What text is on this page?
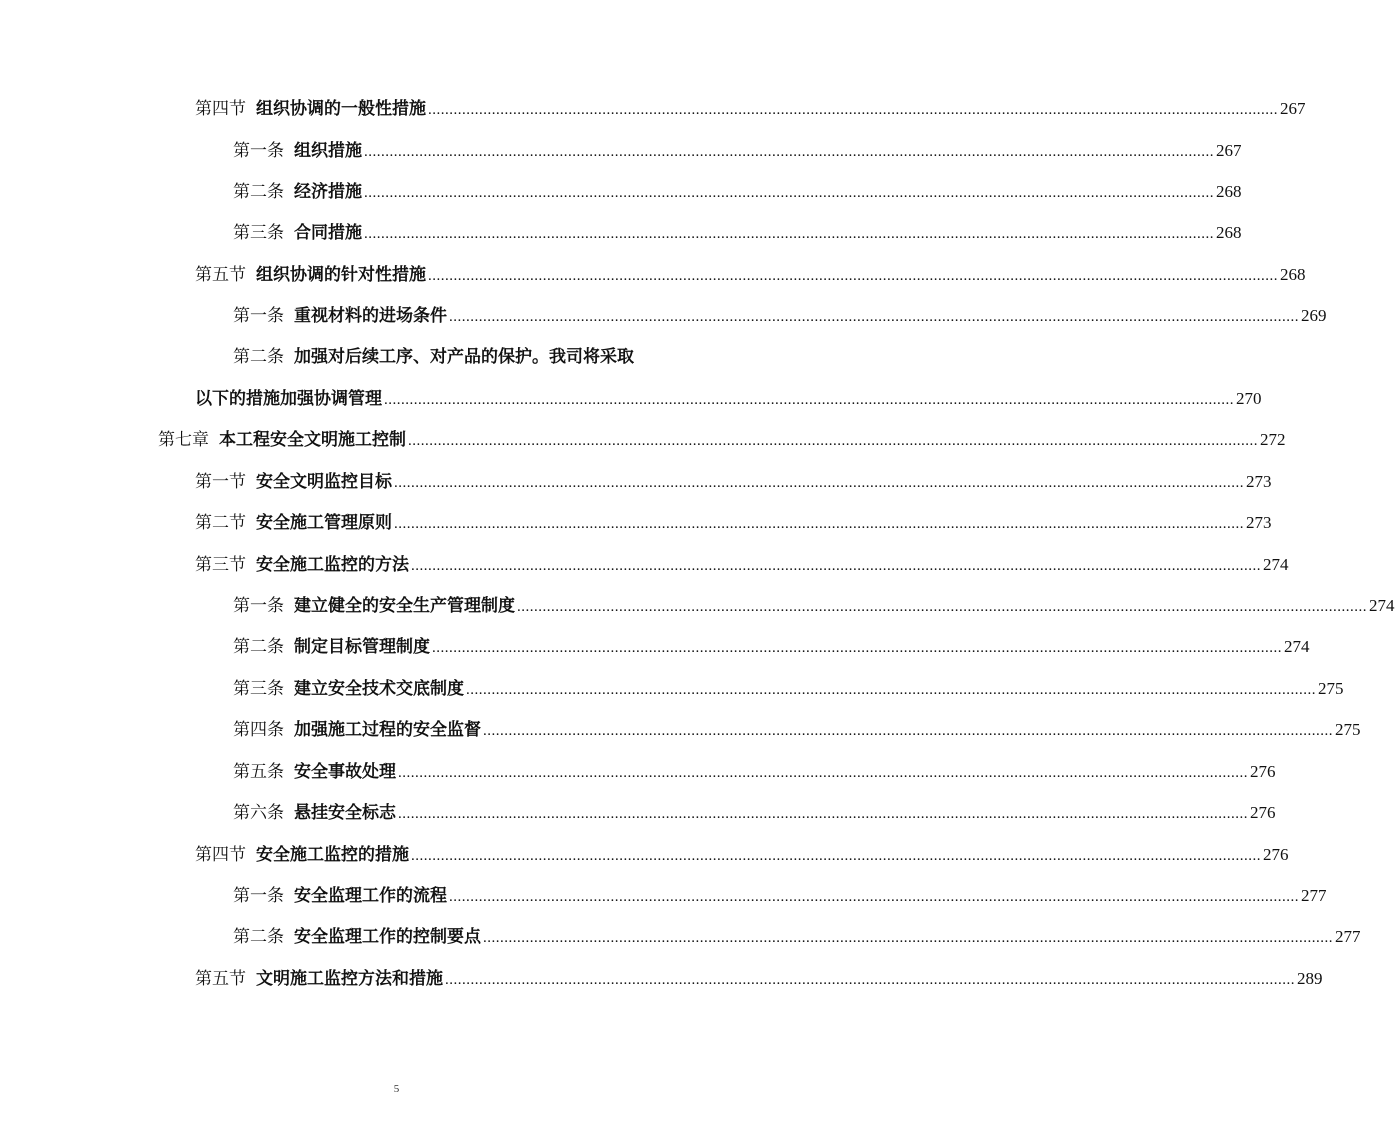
第四节 组织协调的一般性措施 ........................................................................................................................................................................................................ 267
第一条 组织措施 ........................................................................................................................................................................................................ 267
第二条 经济措施 ........................................................................................................................................................................................................ 268
第三条 合同措施 ........................................................................................................................................................................................................ 268
第五节 组织协调的针对性措施 ........................................................................................................................................................................................................ 268
第一条 重视材料的进场条件 ........................................................................................................................................................................................................ 269
第二条 加强对后续工序、对产品的保护。我司将采取
以下的措施加强协调管理 ........................................................................................................................................................................................................ 270
第七章 本工程安全文明施工控制 ........................................................................................................................................................................................................ 272
第一节 安全文明监控目标 ........................................................................................................................................................................................................ 273
第二节 安全施工管理原则 ........................................................................................................................................................................................................ 273
第三节 安全施工监控的方法 ........................................................................................................................................................................................................ 274
第一条 建立健全的安全生产管理制度 ........................................................................................................................................................................................................ 274
第二条 制定目标管理制度 ........................................................................................................................................................................................................ 274
第三条 建立安全技术交底制度 ........................................................................................................................................................................................................ 275
第四条 加强施工过程的安全监督 ........................................................................................................................................................................................................ 275
第五条 安全事故处理 ........................................................................................................................................................................................................ 276
第六条 悬挂安全标志 ........................................................................................................................................................................................................ 276
第四节 安全施工监控的措施 ........................................................................................................................................................................................................ 276
第一条 安全监理工作的流程 ........................................................................................................................................................................................................ 277
第二条 安全监理工作的控制要点 ........................................................................................................................................................................................................ 277
第五节 文明施工监控方法和措施 ........................................................................................................................................................................................................ 289
5
